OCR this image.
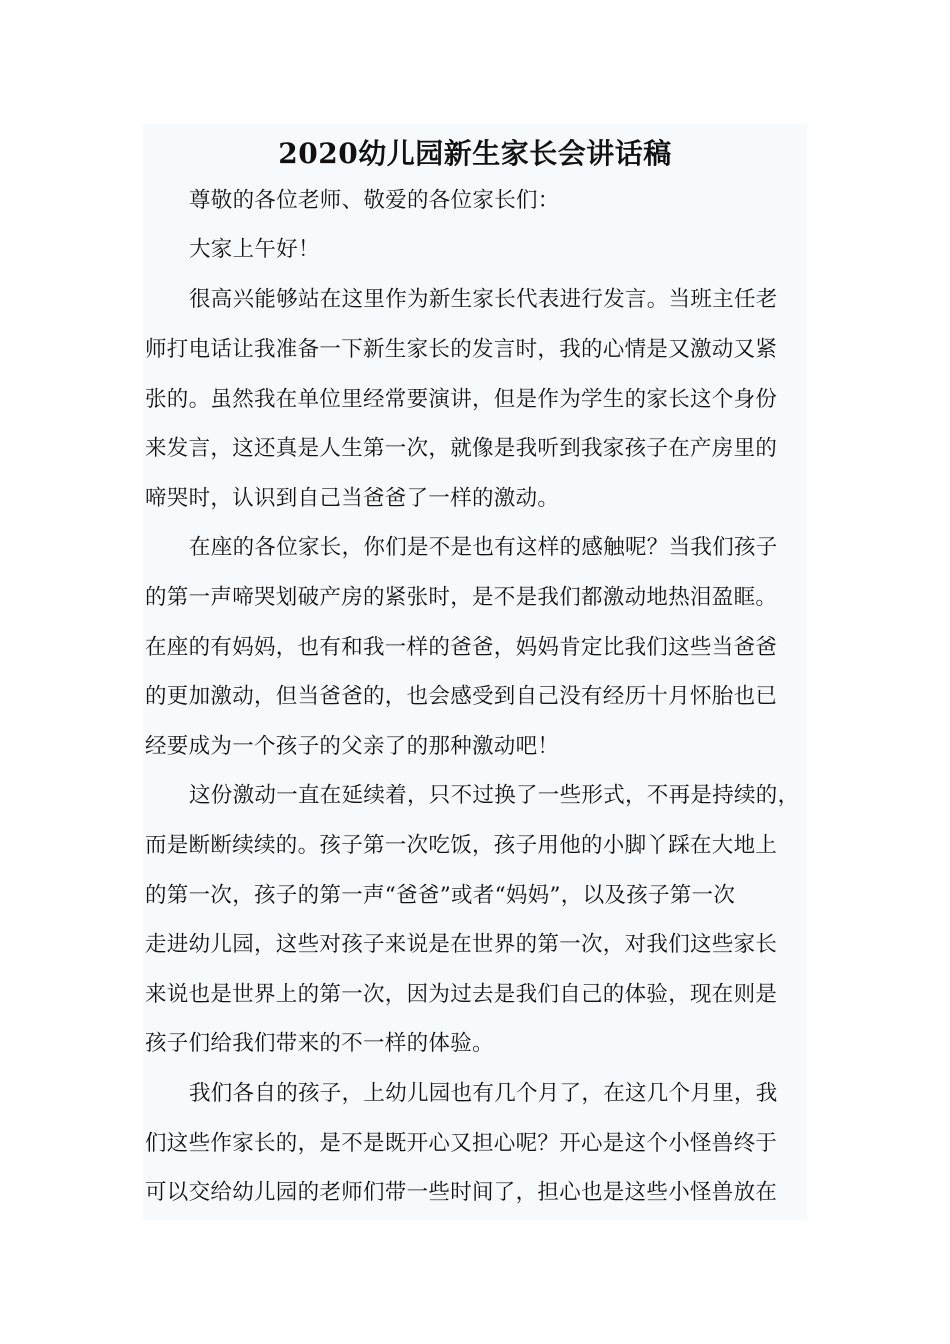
2020幼儿园新生家长会讲话稿
尊敬的各位老师、敬爱的各位家长们：
大家上午好！
很高兴能够站在这里作为新生家长代表进行发言。当班主任老
师打电话让我准备一下新生家长的发言时，我的心情是又激动又紧
张的。虽然我在单位里经常要演讲，但是作为学生的家长这个身份
来发言，这还真是人生第一次，就像是我听到我家孩子在产房里的
啼哭时，认识到自己当爸爸了一样的激动。
在座的各位家长，你们是不是也有这样的感触呢？当我们孩子
的第一声啼哭划破产房的紧张时，是不是我们都激动地热泪盈眶。
在座的有妈妈，也有和我一样的爸爸，妈妈肯定比我们这些当爸爸
的更加激动，但当爸爸的，也会感受到自己没有经历十月怀胎也已
经要成为一个孩子的父亲了的那种激动吧！
这份激动一直在延续着，只不过换了一些形式，不再是持续的，
而是断断续续的。孩子第一次吃饭，孩子用他的小脚丫踩在大地上
的第一次，孩子的第一声“爸爸”或者“妈妈”，以及孩子第一次
走进幼儿园，这些对孩子来说是在世界的第一次，对我们这些家长
来说也是世界上的第一次，因为过去是我们自己的体验，现在则是
孩子们给我们带来的不一样的体验。
我们各自的孩子，上幼儿园也有几个月了，在这几个月里，我
们这些作家长的，是不是既开心又担心呢？开心是这个小怪兽终于
可以交给幼儿园的老师们带一些时间了，担心也是这些小怪兽放在
